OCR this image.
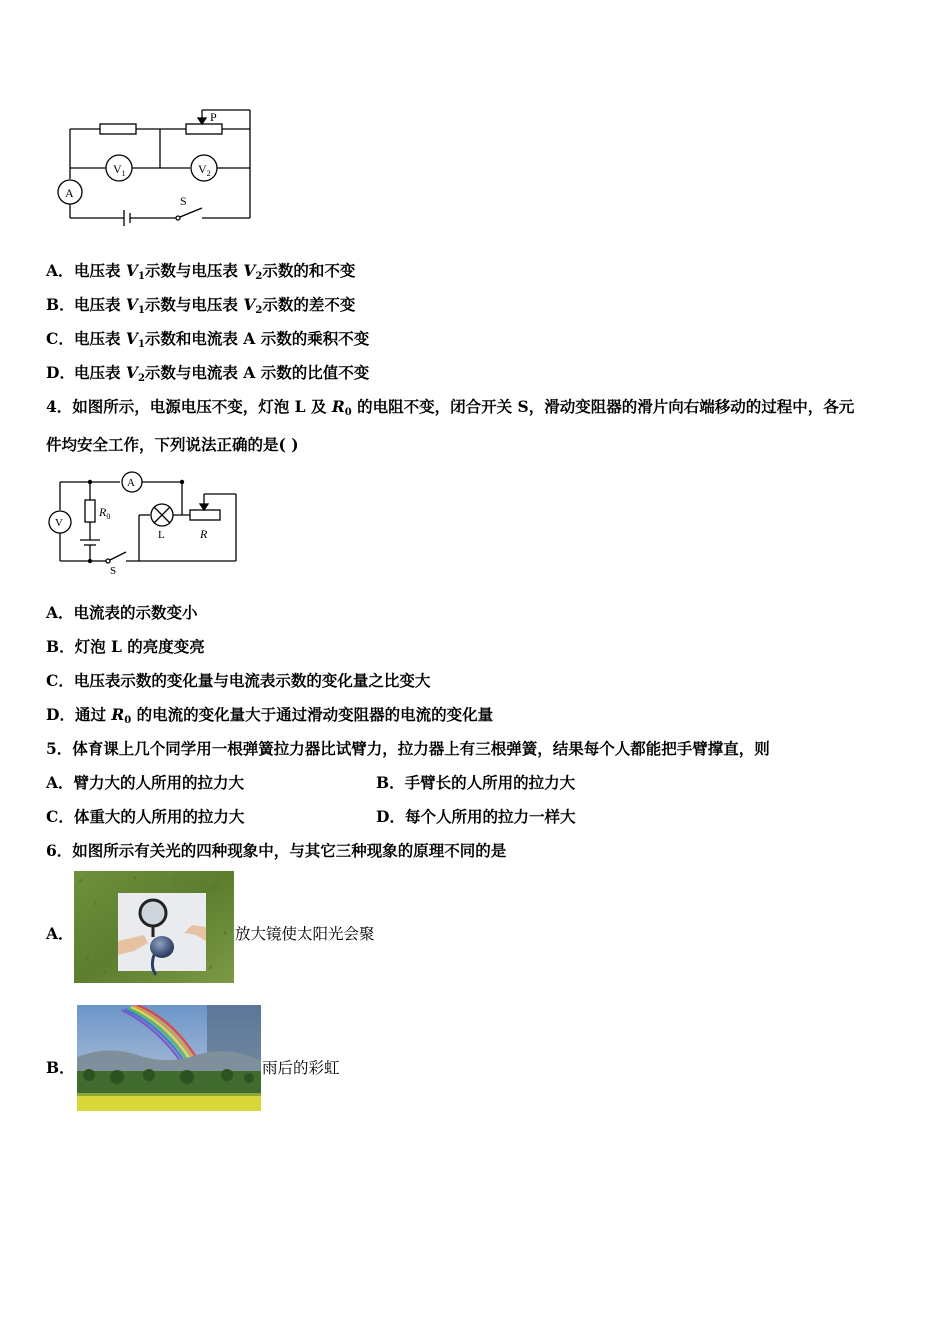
P
A
$V_1$	$V_2$
S
A．电压表 $V_1$示数与电压表 $V_2$示数的和不变
B．电压表 $V_1$示数与电压表 $V_2$示数的差不变
C．电压表 $V_1$示数和电流表 A 示数的乘积不变
D．电压表 $V_2$示数与电流表 A 示数的比值不变
4．如图所示，电源电压不变，灯泡 L 及 $R_0$ 的电阻不变，闭合开关 S，滑动变阻器的滑片向右端移动的过程中，各元
件均安全工作，下列说法正确的是( )
A
V
$R_0$
L	R
S
A．电流表的示数变小
B．灯泡 L 的亮度变亮
C．电压表示数的变化量与电流表示数的变化量之比变大
D．通过 $R_0$ 的电流的变化量大于通过滑动变阻器的电流的变化量
5．体育课上几个同学用一根弹簧拉力器比试臂力，拉力器上有三根弹簧，结果每个人都能把手臂撑直，则
A．臂力大的人所用的拉力大	B．手臂长的人所用的拉力大
C．体重大的人所用的拉力大	D．每个人所用的拉力一样大
6．如图所示有关光的四种现象中，与其它三种现象的原理不同的是
A．	放大镜使太阳光会聚
B．	雨后的彩虹
